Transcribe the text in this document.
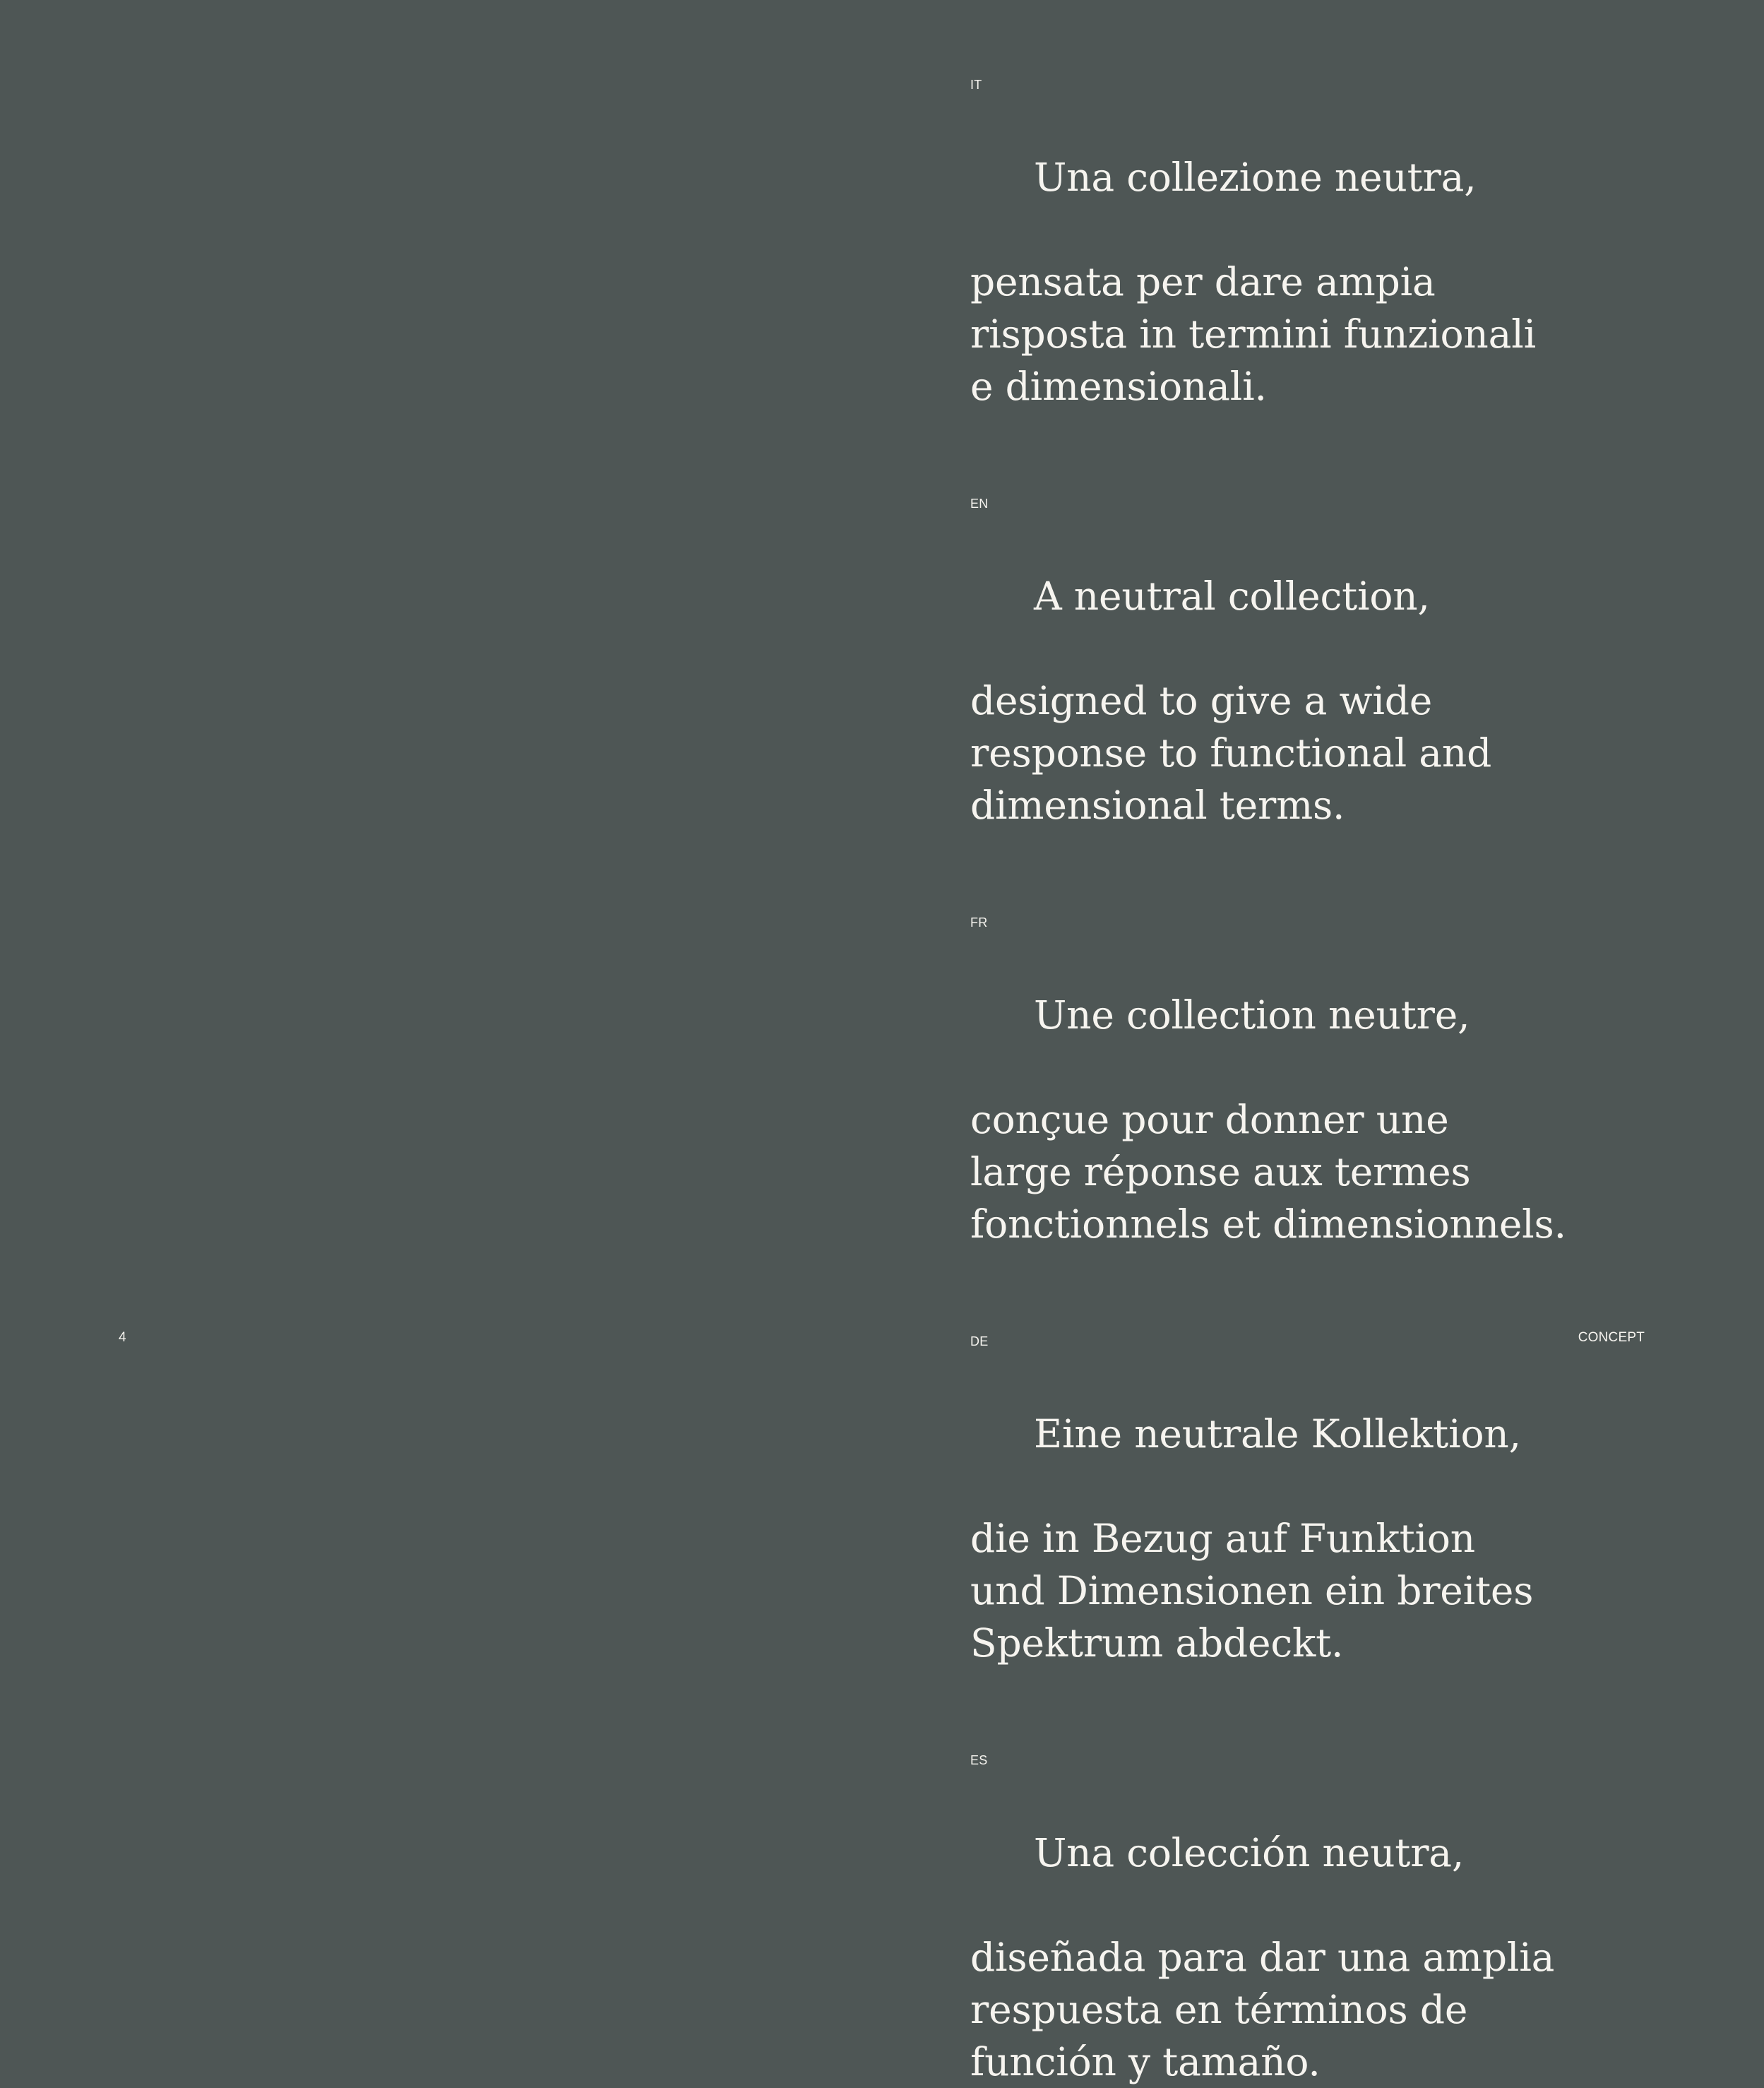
IT

Una collezione neutra,

pensata per dare ampia
risposta in termini funzionali
e dimensionali.

EN

A neutral collection,

designed to give a wide
response to functional and
dimensional terms.

FR

Une collection neutre,

conçue pour donner une
large réponse aux termes
fonctionnels et dimensionnels.

DE

Eine neutrale Kollektion,

die in Bezug auf Funktion
und Dimensionen ein breites
Spektrum abdeckt.

ES

Una colección neutra,

diseñada para dar una amplia
respuesta en términos de
función y tamaño.

4	CONCEPT
